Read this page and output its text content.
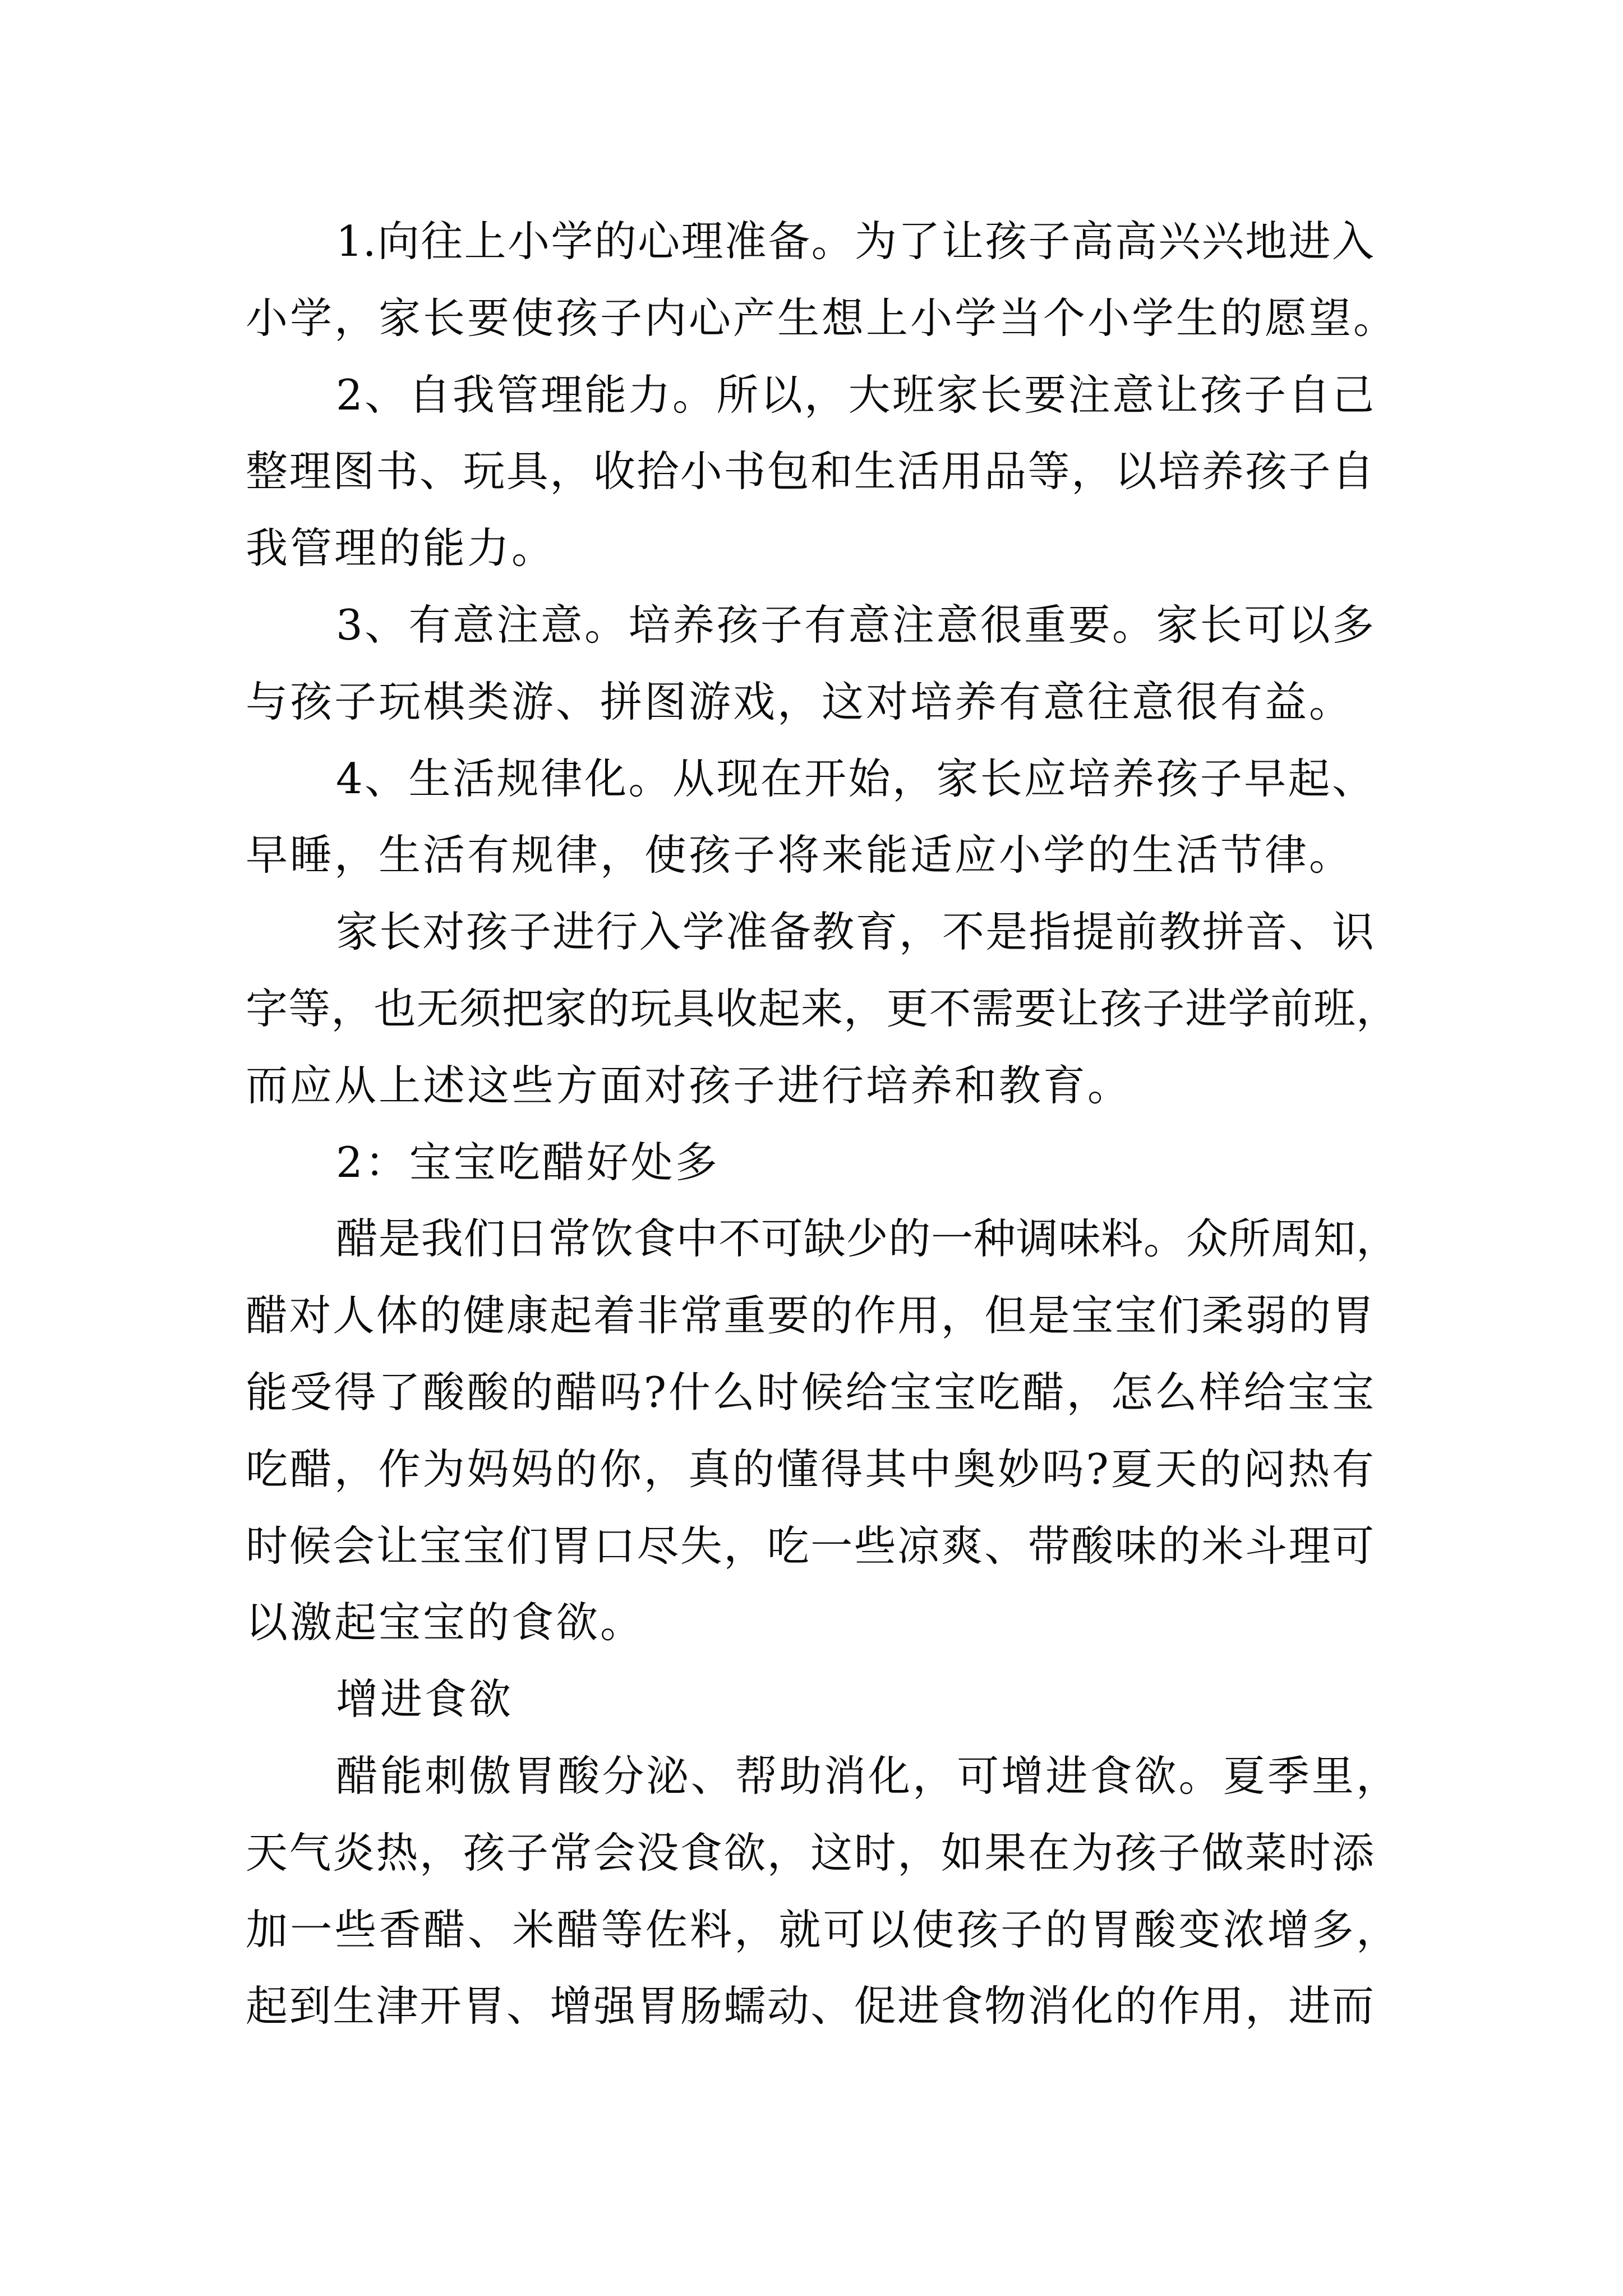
1.向往上小学的心理准备。为了让孩子高高兴兴地进入
小学，家长要使孩子内心产生想上小学当个小学生的愿望。
2、自我管理能力。所以，大班家长要注意让孩子自己
整理图书、玩具，收拾小书包和生活用品等，以培养孩子自
我管理的能力。
3、有意注意。培养孩子有意注意很重要。家长可以多
与孩子玩棋类游、拼图游戏，这对培养有意往意很有益。
4、生活规律化。从现在开始，家长应培养孩子早起、
早睡，生活有规律，使孩子将来能适应小学的生活节律。
家长对孩子进行入学准备教育，不是指提前教拼音、识
字等，也无须把家的玩具收起来，更不需要让孩子进学前班，
而应从上述这些方面对孩子进行培养和教育。
2：宝宝吃醋好处多
醋是我们日常饮食中不可缺少的一种调味料。众所周知，
醋对人体的健康起着非常重要的作用，但是宝宝们柔弱的胃
能受得了酸酸的醋吗?什么时候给宝宝吃醋，怎么样给宝宝
吃醋，作为妈妈的你，真的懂得其中奥妙吗?夏天的闷热有
时候会让宝宝们胃口尽失，吃一些凉爽、带酸味的米斗理可
以激起宝宝的食欲。
增进食欲
醋能刺傲胃酸分泌、帮助消化，可增进食欲。夏季里，
天气炎热，孩子常会没食欲，这时，如果在为孩子做菜时添
加一些香醋、米醋等佐料，就可以使孩子的胃酸变浓增多，
起到生津开胃、增强胃肠蠕动、促进食物消化的作用，进而
